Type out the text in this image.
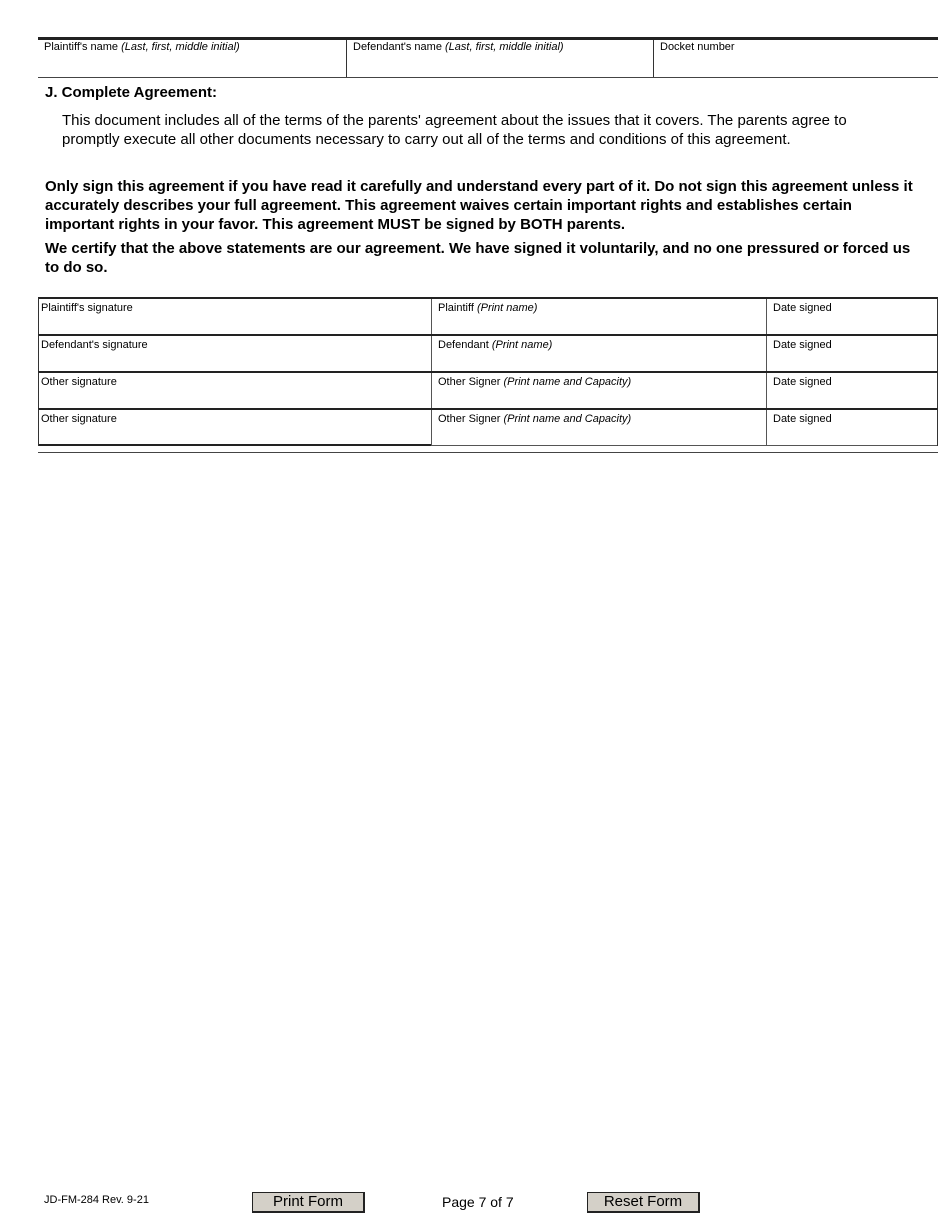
Plaintiff's name (Last, first, middle initial)	Defendant's name (Last, first, middle initial)	Docket number
J. Complete Agreement:

This document includes all of the terms of the parents' agreement about the issues that it covers. The parents agree to promptly execute all other documents necessary to carry out all of the terms and conditions of this agreement.

Only sign this agreement if you have read it carefully and understand every part of it. Do not sign this agreement unless it accurately describes your full agreement. This agreement waives certain important rights and establishes certain important rights in your favor. This agreement MUST be signed by BOTH parents.

We certify that the above statements are our agreement. We have signed it voluntarily, and no one pressured or forced us to do so.

Plaintiff's signature	Plaintiff (Print name)	Date signed
Defendant's signature	Defendant (Print name)	Date signed
Other signature	Other Signer (Print name and Capacity)	Date signed
Other signature	Other Signer (Print name and Capacity)	Date signed
JD-FM-284 Rev. 9-21	Print Form	Page 7 of 7	Reset Form
